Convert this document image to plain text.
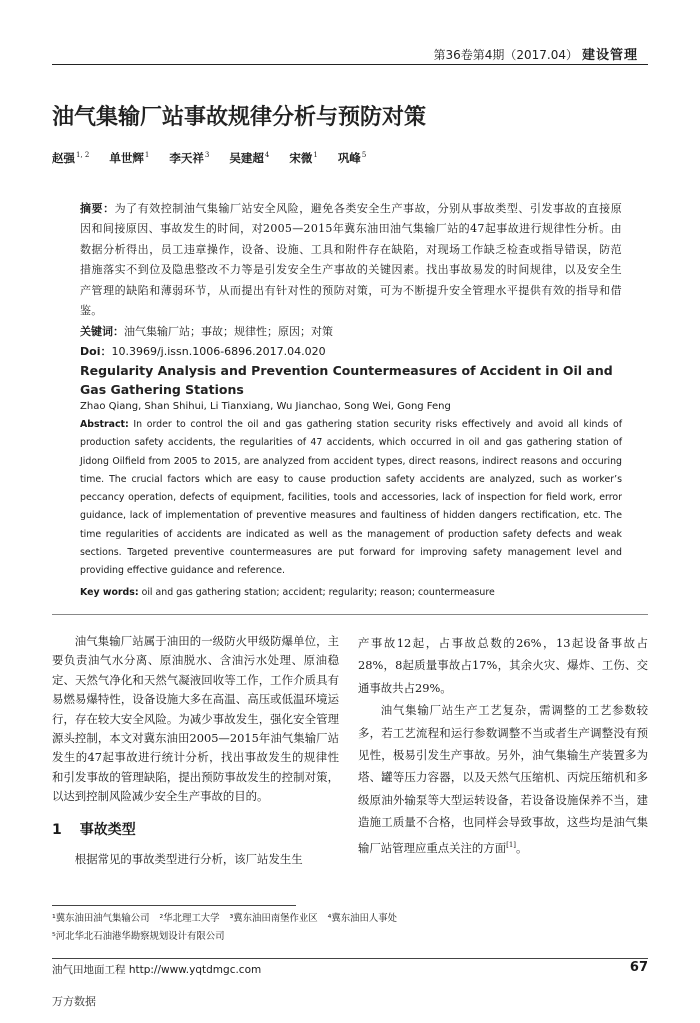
第36卷第4期（2017.04） 建设管理
油气集输厂站事故规律分析与预防对策
赵强$^{1, 2}$ 单世辉$^1$ 李天祥$^3$ 吴建超$^4$ 宋微$^1$ 巩峰$^5$
摘要：为了有效控制油气集输厂站安全风险，避免各类安全生产事故，分别从事故类型、引发事故的直接原因和间接原因、事故发生的时间，对2005—2015年冀东油田油气集输厂站的47起事故进行规律性分析。由数据分析得出，员工违章操作，设备、设施、工具和附件存在缺陷，对现场工作缺乏检查或指导错误，防范措施落实不到位及隐患整改不力等是引发安全生产事故的关键因素。找出事故易发的时间规律，以及安全生产管理的缺陷和薄弱环节，从而提出有针对性的预防对策，可为不断提升安全管理水平提供有效的指导和借鉴。
关键词：油气集输厂站；事故；规律性；原因；对策
Doi：10.3969/j.issn.1006-6896.2017.04.020
Regularity Analysis and Prevention Countermeasures of Accident in Oil and Gas Gathering Stations
Zhao Qiang, Shan Shihui, Li Tianxiang, Wu Jianchao, Song Wei, Gong Feng
Abstract: In order to control the oil and gas gathering station security risks effectively and avoid all kinds of production safety accidents, the regularities of 47 accidents, which occurred in oil and gas gathering station of Jidong Oilfield from 2005 to 2015, are analyzed from accident types, direct reasons, indirect reasons and occuring time. The crucial factors which are easy to cause production safety accidents are analyzed, such as worker’s peccancy operation, defects of equipment, facilities, tools and accessories, lack of inspection for field work, error guidance, lack of implementation of preventive measures and faultiness of hidden dangers rectification, etc. The time regularities of accidents are indicated as well as the management of production safety defects and weak sections. Targeted preventive countermeasures are put forward for improving safety management level and providing effective guidance and reference.
Key words: oil and gas gathering station; accident; regularity; reason; countermeasure

油气集输厂站属于油田的一级防火甲级防爆单位，主要负责油气水分离、原油脱水、含油污水处理、原油稳定、天然气净化和天然气凝液回收等工作，工作介质具有易燃易爆特性，设备设施大多在高温、高压或低温环境运行，存在较大安全风险。为减少事故发生，强化安全管理源头控制，本文对冀东油田2005—2015年油气集输厂站发生的47起事故进行统计分析，找出事故发生的规律性和引发事故的管理缺陷，提出预防事故发生的控制对策，以达到控制风险减少安全生产事故的目的。

1 事故类型

根据常见的事故类型进行分析，该厂站发生生

产事故12起，占事故总数的26%，13起设备事故占28%，8起质量事故占17%，其余火灾、爆炸、工伤、交通事故共占29%。

油气集输厂站生产工艺复杂，需调整的工艺参数较多，若工艺流程和运行参数调整不当或者生产调整没有预见性，极易引发生产事故。另外，油气集输生产装置多为塔、罐等压力容器，以及天然气压缩机、丙烷压缩机和多级原油外输泵等大型运转设备，若设备设施保养不当，建造施工质量不合格，也同样会导致事故，这些均是油气集输厂站管理应重点关注的方面[1]。

¹冀东油田油气集输公司 ²华北理工大学 ³冀东油田南堡作业区 ⁴冀东油田人事处
⁵河北华北石油港华勘察规划设计有限公司
油气田地面工程 http://www.yqtdmgc.com	67
万方数据
